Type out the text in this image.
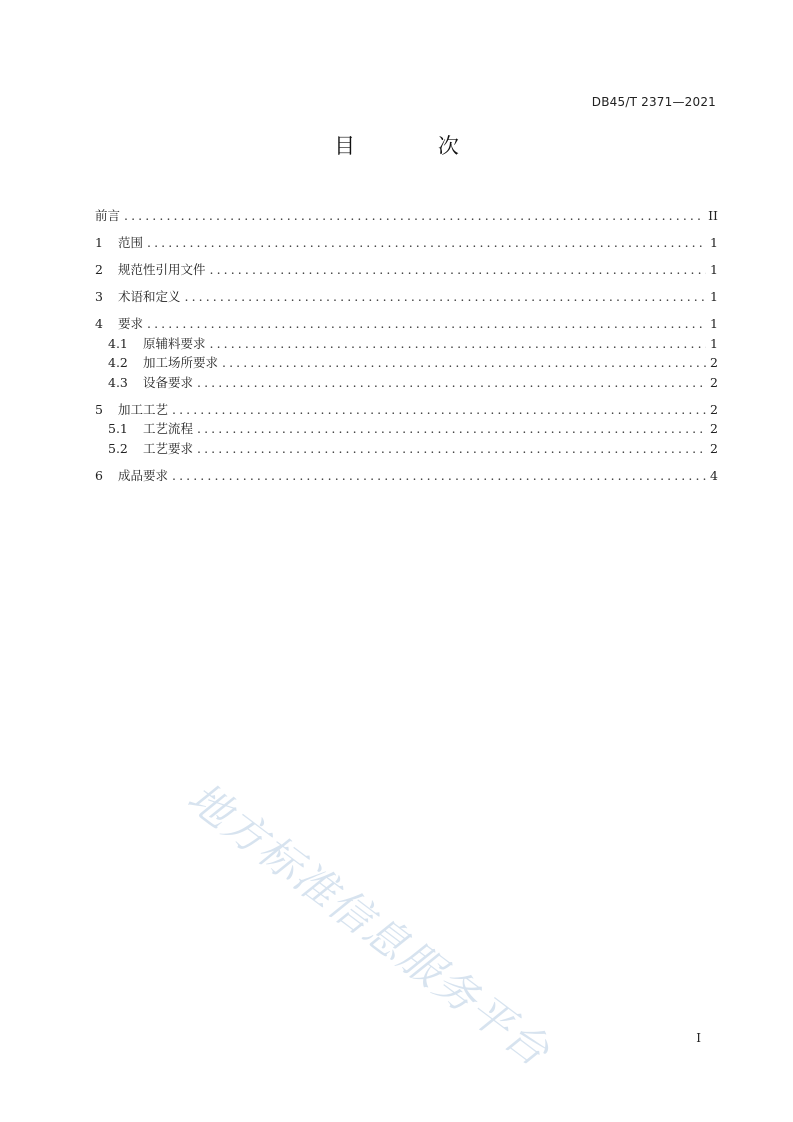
DB45/T 2371—2021
目 次
前言 .....	II
1	范围 .....	1
2	规范性引用文件 .....	1
3	术语和定义 .....	1
4	要求 .....	1
4.1	原辅料要求 .....	1
4.2	加工场所要求 .....	2
4.3	设备要求 .....	2
5	加工工艺 .....	2
5.1	工艺流程 .....	2
5.2	工艺要求 .....	2
6	成品要求 .....	4
地方标准信息服务平台	I
